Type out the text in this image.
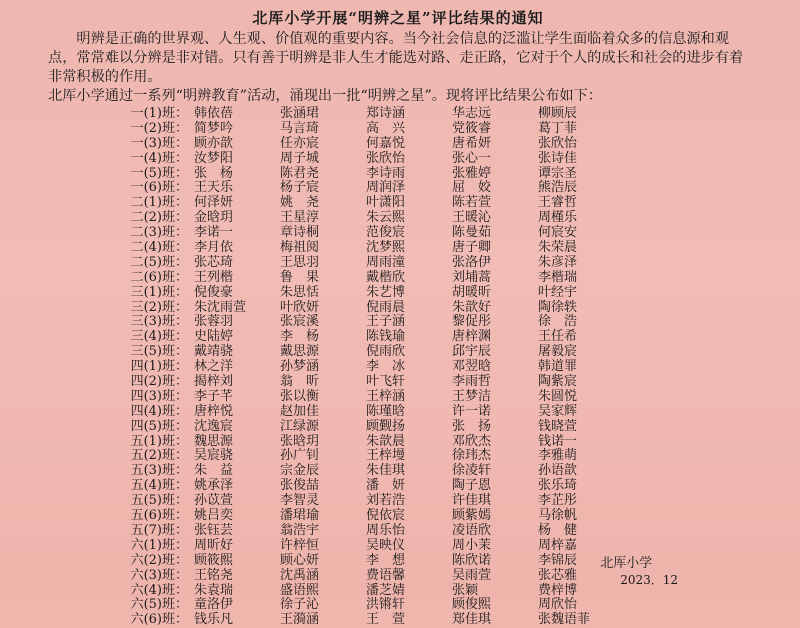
北厍小学开展“明辨之星”评比结果的通知

明辨是正确的世界观、人生观、价值观的重要内容。当今社会信息的泛滥让学生面临着众多的信息源和观点，常常难以分辨是非对错。只有善于明辨是非人生才能选对路、走正路，它对于个人的成长和社会的进步有着非常积极的作用。

北厍小学通过一系列“明辨教育”活动，涌现出一批“明辨之星”。现将评比结果公布如下：

一(1)班： 韩依蓓	张涵珺	郑诗涵	华志远	柳顾辰
一(2)班： 简梦吟	马言琦	高　兴	党筱睿	葛丁菲
一(3)班： 顾亦歆	任亦宸	何嘉悦	唐希妍	张欣怡
一(4)班： 汝梦阳	周子城	张欣怡	张心一	张诗佳
一(5)班： 张　杨	陈君尧	李诗雨	张雅婷	谭宗圣
一(6)班： 王天乐	杨子宸	周润泽	屈　姣	熊浩辰
二(1)班： 何泽妍	姚　尧	叶潇阳	陈若萱	王睿哲
二(2)班： 金晗玥	王星淳	朱云熙	王暖沁	周槿乐
二(3)班： 李诺一	章诗桐	范俊宸	陈曼茹	何宸安
二(4)班： 李月依	梅祖阅	沈梦熙	唐子卿	朱荣晨
二(5)班： 张芯琦	王思羽	周雨潼	张洛伊	朱彦泽
二(6)班： 王列楷	鲁　果	戴楷欣	刘埔蒿	李楷瑞
三(1)班： 倪俊豪	朱思恬	朱艺博	胡暖昕	叶经宇
三(2)班： 朱沈雨萱	叶欣妍	倪雨晨	朱歆好	陶徐轶
三(3)班： 张蓉羽	张宸溪	王子涵	黎促彤	徐　浩
三(4)班： 史陆婷	李　杨	陈钱瑜	唐梓渊	王任希
三(5)班： 戴靖骁	戴思源	倪雨欣	邱宇辰	屠毅宸
四(1)班： 林之洋	孙梦涵	李　冰	邓翌晗	韩道罪
四(2)班： 揭梓刘	翁　昕	叶飞轩	李雨哲	陶紫宸
四(3)班： 李子芊	张以衡	王梓涵	王梦洁	朱圆悦
四(4)班： 唐梓悦	赵加佳	陈瑾晗	许一诺	吴家辉
四(5)班： 沈逸宸	江绿源	顾觐扬	张　扬	钱晓萱
五(1)班： 魏思源	张晗玥	朱歆晨	邓欣杰	钱诺一
五(2)班： 吴宸骁	孙广钊	王梓墁	徐玮杰	李雅萌
五(3)班： 朱　益	宗金辰	朱佳琪	徐凌轩	孙语歆
五(4)班： 姚承泽	张俊喆	潘　妍	陶子恩	张乐琦
五(5)班： 孙苡萱	李智灵	刘若浩	许佳琪	李芷彤
五(6)班： 姚吕奕	潘珺瑜	倪依宸	顾紫嫣	马徐帆
五(7)班： 张钰芸	翁浩宇	周乐怡	凌语欣	杨　健
六(1)班： 周昕好	许梓恒	吴映仪	周小茉	周梓嘉
六(2)班： 顾筱熙	顾心妍	李　想	陈欣诺	李锦辰
六(3)班： 王铭尧	沈禹涵	费语馨	吴雨萱	张芯雅
六(4)班： 朱袁瑞	盛语熙	潘芝婧	张颖	费梓博
六(5)班： 童洛伊	徐子沁	洪锵轩	顾俊熙	周欣怡
六(6)班： 钱乐凡	王漪涵	王　萱	郑佳琪	张魏语菲
北厍小学
2023．12
